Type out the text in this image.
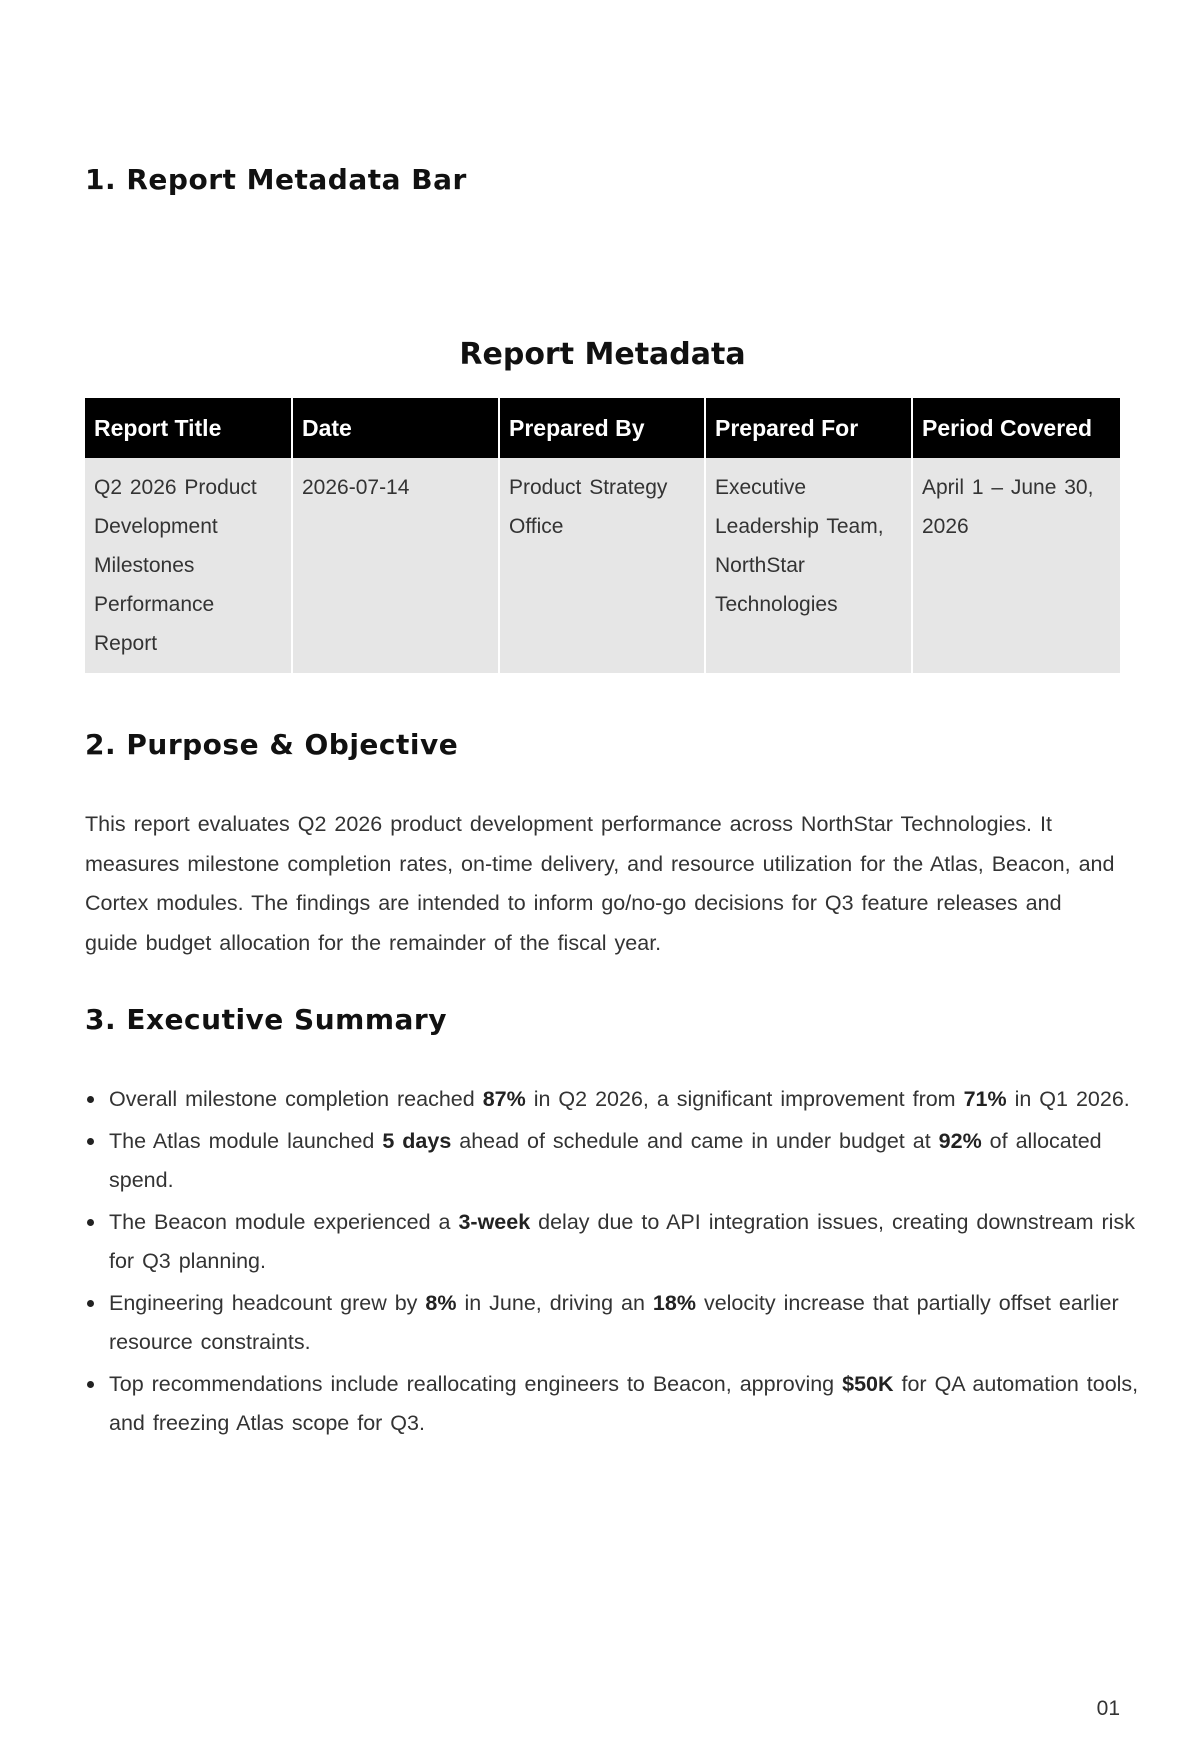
1. Report Metadata Bar
Report Metadata
Report Title	Date	Prepared By	Prepared For	Period Covered
Q2 2026 Product Development Milestones Performance Report	2026-07-14	Product Strategy Office	Executive Leadership Team, NorthStar Technologies	April 1 – June 30, 2026
2. Purpose & Objective

This report evaluates Q2 2026 product development performance across NorthStar Technologies. It measures milestone completion rates, on-time delivery, and resource utilization for the Atlas, Beacon, and Cortex modules. The findings are intended to inform go/no-go decisions for Q3 feature releases and guide budget allocation for the remainder of the fiscal year.

3. Executive Summary
Overall milestone completion reached 87% in Q2 2026, a significant improvement from 71% in Q1 2026.
The Atlas module launched 5 days ahead of schedule and came in under budget at 92% of allocated spend.
The Beacon module experienced a 3-week delay due to API integration issues, creating downstream risk for Q3 planning.
Engineering headcount grew by 8% in June, driving an 18% velocity increase that partially offset earlier resource constraints.
Top recommendations include reallocating engineers to Beacon, approving $50K for QA automation tools, and freezing Atlas scope for Q3.
01
